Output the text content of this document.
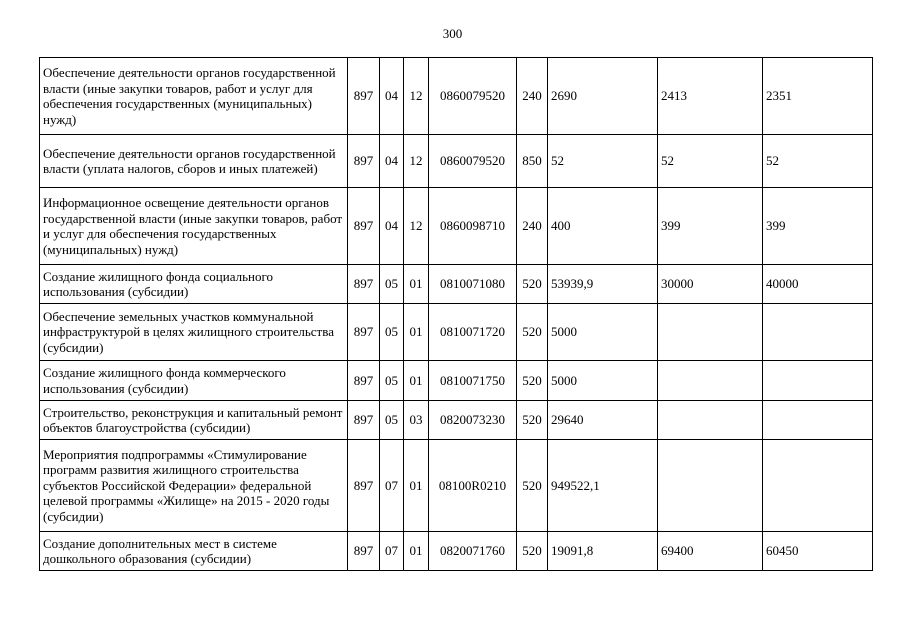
300
Обеспечение деятельности органов государственной власти (иные закупки товаров, работ и услуг для обеспечения государственных (муниципальных) нужд)	897	04	12	0860079520	240	2690	2413	2351
Обеспечение деятельности органов государственной власти (уплата налогов, сборов и иных платежей)	897	04	12	0860079520	850	52	52	52
Информационное освещение деятельности органов государственной власти (иные закупки товаров, работ и услуг для обеспечения государственных (муниципальных) нужд)	897	04	12	0860098710	240	400	399	399
Создание жилищного фонда социального использования (субсидии)	897	05	01	0810071080	520	53939,9	30000	40000
Обеспечение земельных участков коммунальной инфраструктурой в целях жилищного строительства (субсидии)	897	05	01	0810071720	520	5000		
Создание жилищного фонда коммерческого использования (субсидии)	897	05	01	0810071750	520	5000		
Строительство, реконструкция и капитальный ремонт объектов благоустройства (субсидии)	897	05	03	0820073230	520	29640		
Мероприятия подпрограммы «Стимулирование программ развития жилищного строительства субъектов Российской Федерации» федеральной целевой программы «Жилище» на 2015 - 2020 годы (субсидии)	897	07	01	08100R0210	520	949522,1		
Создание дополнительных мест в системе дошкольного образования (субсидии)	897	07	01	0820071760	520	19091,8	69400	60450
